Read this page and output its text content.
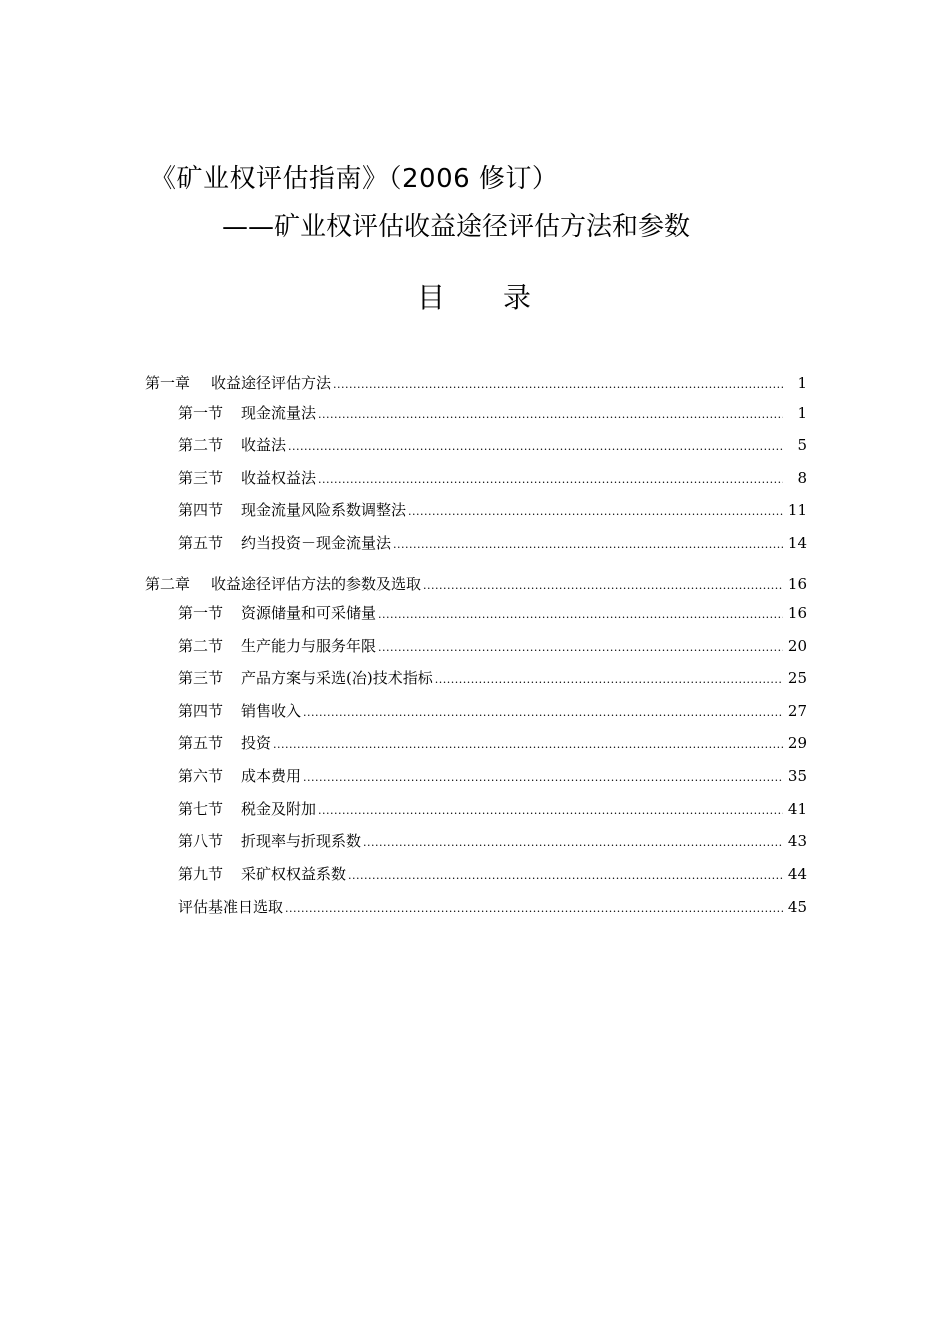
《矿业权评估指南》（2006 修订）
——矿业权评估收益途径评估方法和参数
目录
第一章	收益途径评估方法 .....	1
第一节	现金流量法 .....	1
第二节	收益法 .....	5
第三节	收益权益法 .....	8
第四节	现金流量风险系数调整法 .....	11
第五节	约当投资－现金流量法 .....	14
第二章	收益途径评估方法的参数及选取 .....	16
第一节	资源储量和可采储量 .....	16
第二节	生产能力与服务年限 .....	20
第三节	产品方案与采选(冶)技术指标 .....	25
第四节	销售收入 .....	27
第五节	投资 .....	29
第六节	成本费用 .....	35
第七节	税金及附加 .....	41
第八节	折现率与折现系数 .....	43
第九节	采矿权权益系数 .....	44
评估基准日选取 .....	45
